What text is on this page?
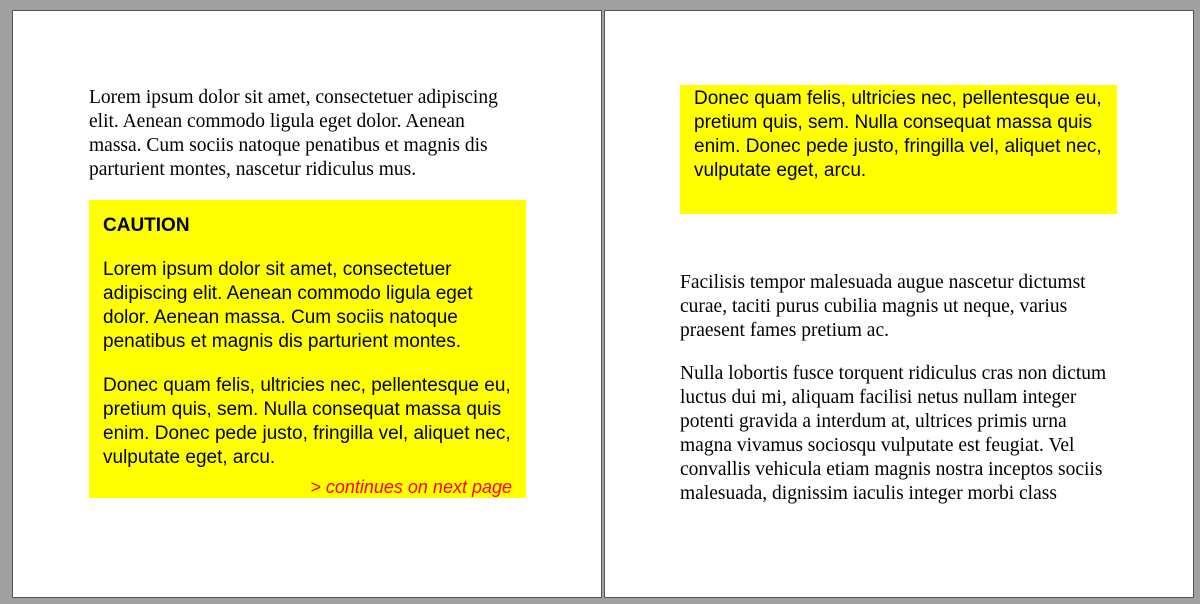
Lorem ipsum dolor sit amet, consectetuer adipiscing elit. Aenean commodo ligula eget dolor. Aenean massa. Cum sociis natoque penatibus et magnis dis parturient montes, nascetur ridiculus mus.

CAUTION

Lorem ipsum dolor sit amet, consectetuer adipiscing elit. Aenean commodo ligula eget dolor. Aenean massa. Cum sociis natoque penatibus et magnis dis parturient montes.

Donec quam felis, ultricies nec, pellentesque eu, pretium quis, sem. Nulla consequat massa quis enim. Donec pede justo, fringilla vel, aliquet nec, vulputate eget, arcu.

> continues on next page

Donec quam felis, ultricies nec, pellentesque eu, pretium quis, sem. Nulla consequat massa quis enim. Donec pede justo, fringilla vel, aliquet nec, vulputate eget, arcu.

Facilisis tempor malesuada augue nascetur dictumst curae, taciti purus cubilia magnis ut neque, varius praesent fames pretium ac.

Nulla lobortis fusce torquent ridiculus cras non dictum luctus dui mi, aliquam facilisi netus nullam integer potenti gravida a interdum at, ultrices primis urna magna vivamus sociosqu vulputate est feugiat. Vel convallis vehicula etiam magnis nostra inceptos sociis malesuada, dignissim iaculis integer morbi class
